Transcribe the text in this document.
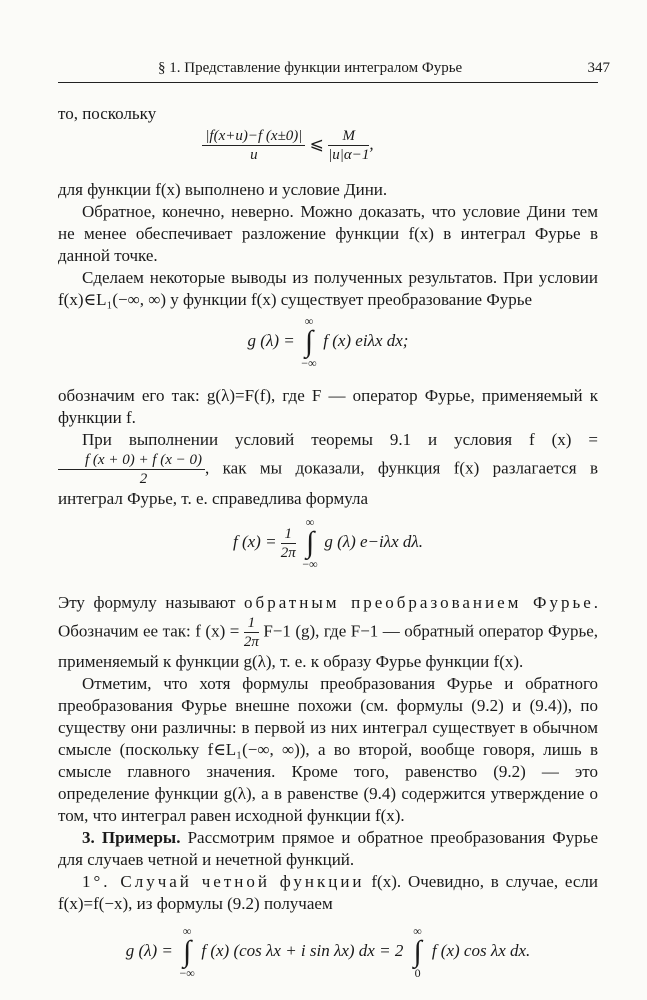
§ 1. Представление функции интегралом Фурье	347

то, поскольку

$\frac{|f(x+u)-f (x\pm 0)|}{u}$ ⩽ $\frac{M}{|u|\alpha-1}$ ,

для функции f(x) выполнено и условие Дини.

Обратное, конечно, неверно. Можно доказать, что условие Дини тем не менее обеспечивает разложение функции f(x) в интеграл Фурье в данной точке.

Сделаем некоторые выводы из полученных результатов. При условии f(x)∈L₁(−∞, ∞) у функции f(x) существует преобразование Фурье

g (λ) =
∞
∫
−∞
f (x) eiλx dx;

обозначим его так: g(λ)=F(f), где F — оператор Фурье, применяемый к функции f.

При выполнении условий теоремы 9.1 и условия f (x) =
$\frac{f (x + 0) + f (x - 0)}{2}$ , как мы доказали, функция f(x) разлагается в интеграл Фурье, т. е. справедлива формула

f $(x) = \frac{1}{2\pi}$

∞
∫
−∞
g (λ) e−iλx dλ.

Эту формулу называют обратным преобразованием Фурье. Обозначим ее так: f $(x) = \frac{1}{2\pi} F-1$ (g), где F−1 — обратный оператор Фурье, применяемый к функции g(λ), т. е. к образу Фурье функции f(x).

Отметим, что хотя формулы преобразования Фурье и обратного преобразования Фурье внешне похожи (см. формулы (9.2) и (9.4)), по существу они различны: в первой из них интеграл существует в обычном смысле (поскольку f∈L₁(−∞, ∞)), а во второй, вообще говоря, лишь в смысле главного значения. Кроме того, равенство (9.2) — это определение функции g(λ), а в равенстве (9.4) содержится утверждение о том, что интеграл равен исходной функции f(x).

3. Примеры. Рассмотрим прямое и обратное преобразования Фурье для случаев четной и нечетной функций.

1°. Случай четной функции f(x). Очевидно, в случае, если f(x)=f(−x), из формулы (9.2) получаем

g (λ) =
∞
∫
−∞
f (x) (cos λx + i sin λx) dx = 2
∞
∫
0
f (x) cos λx dx.
